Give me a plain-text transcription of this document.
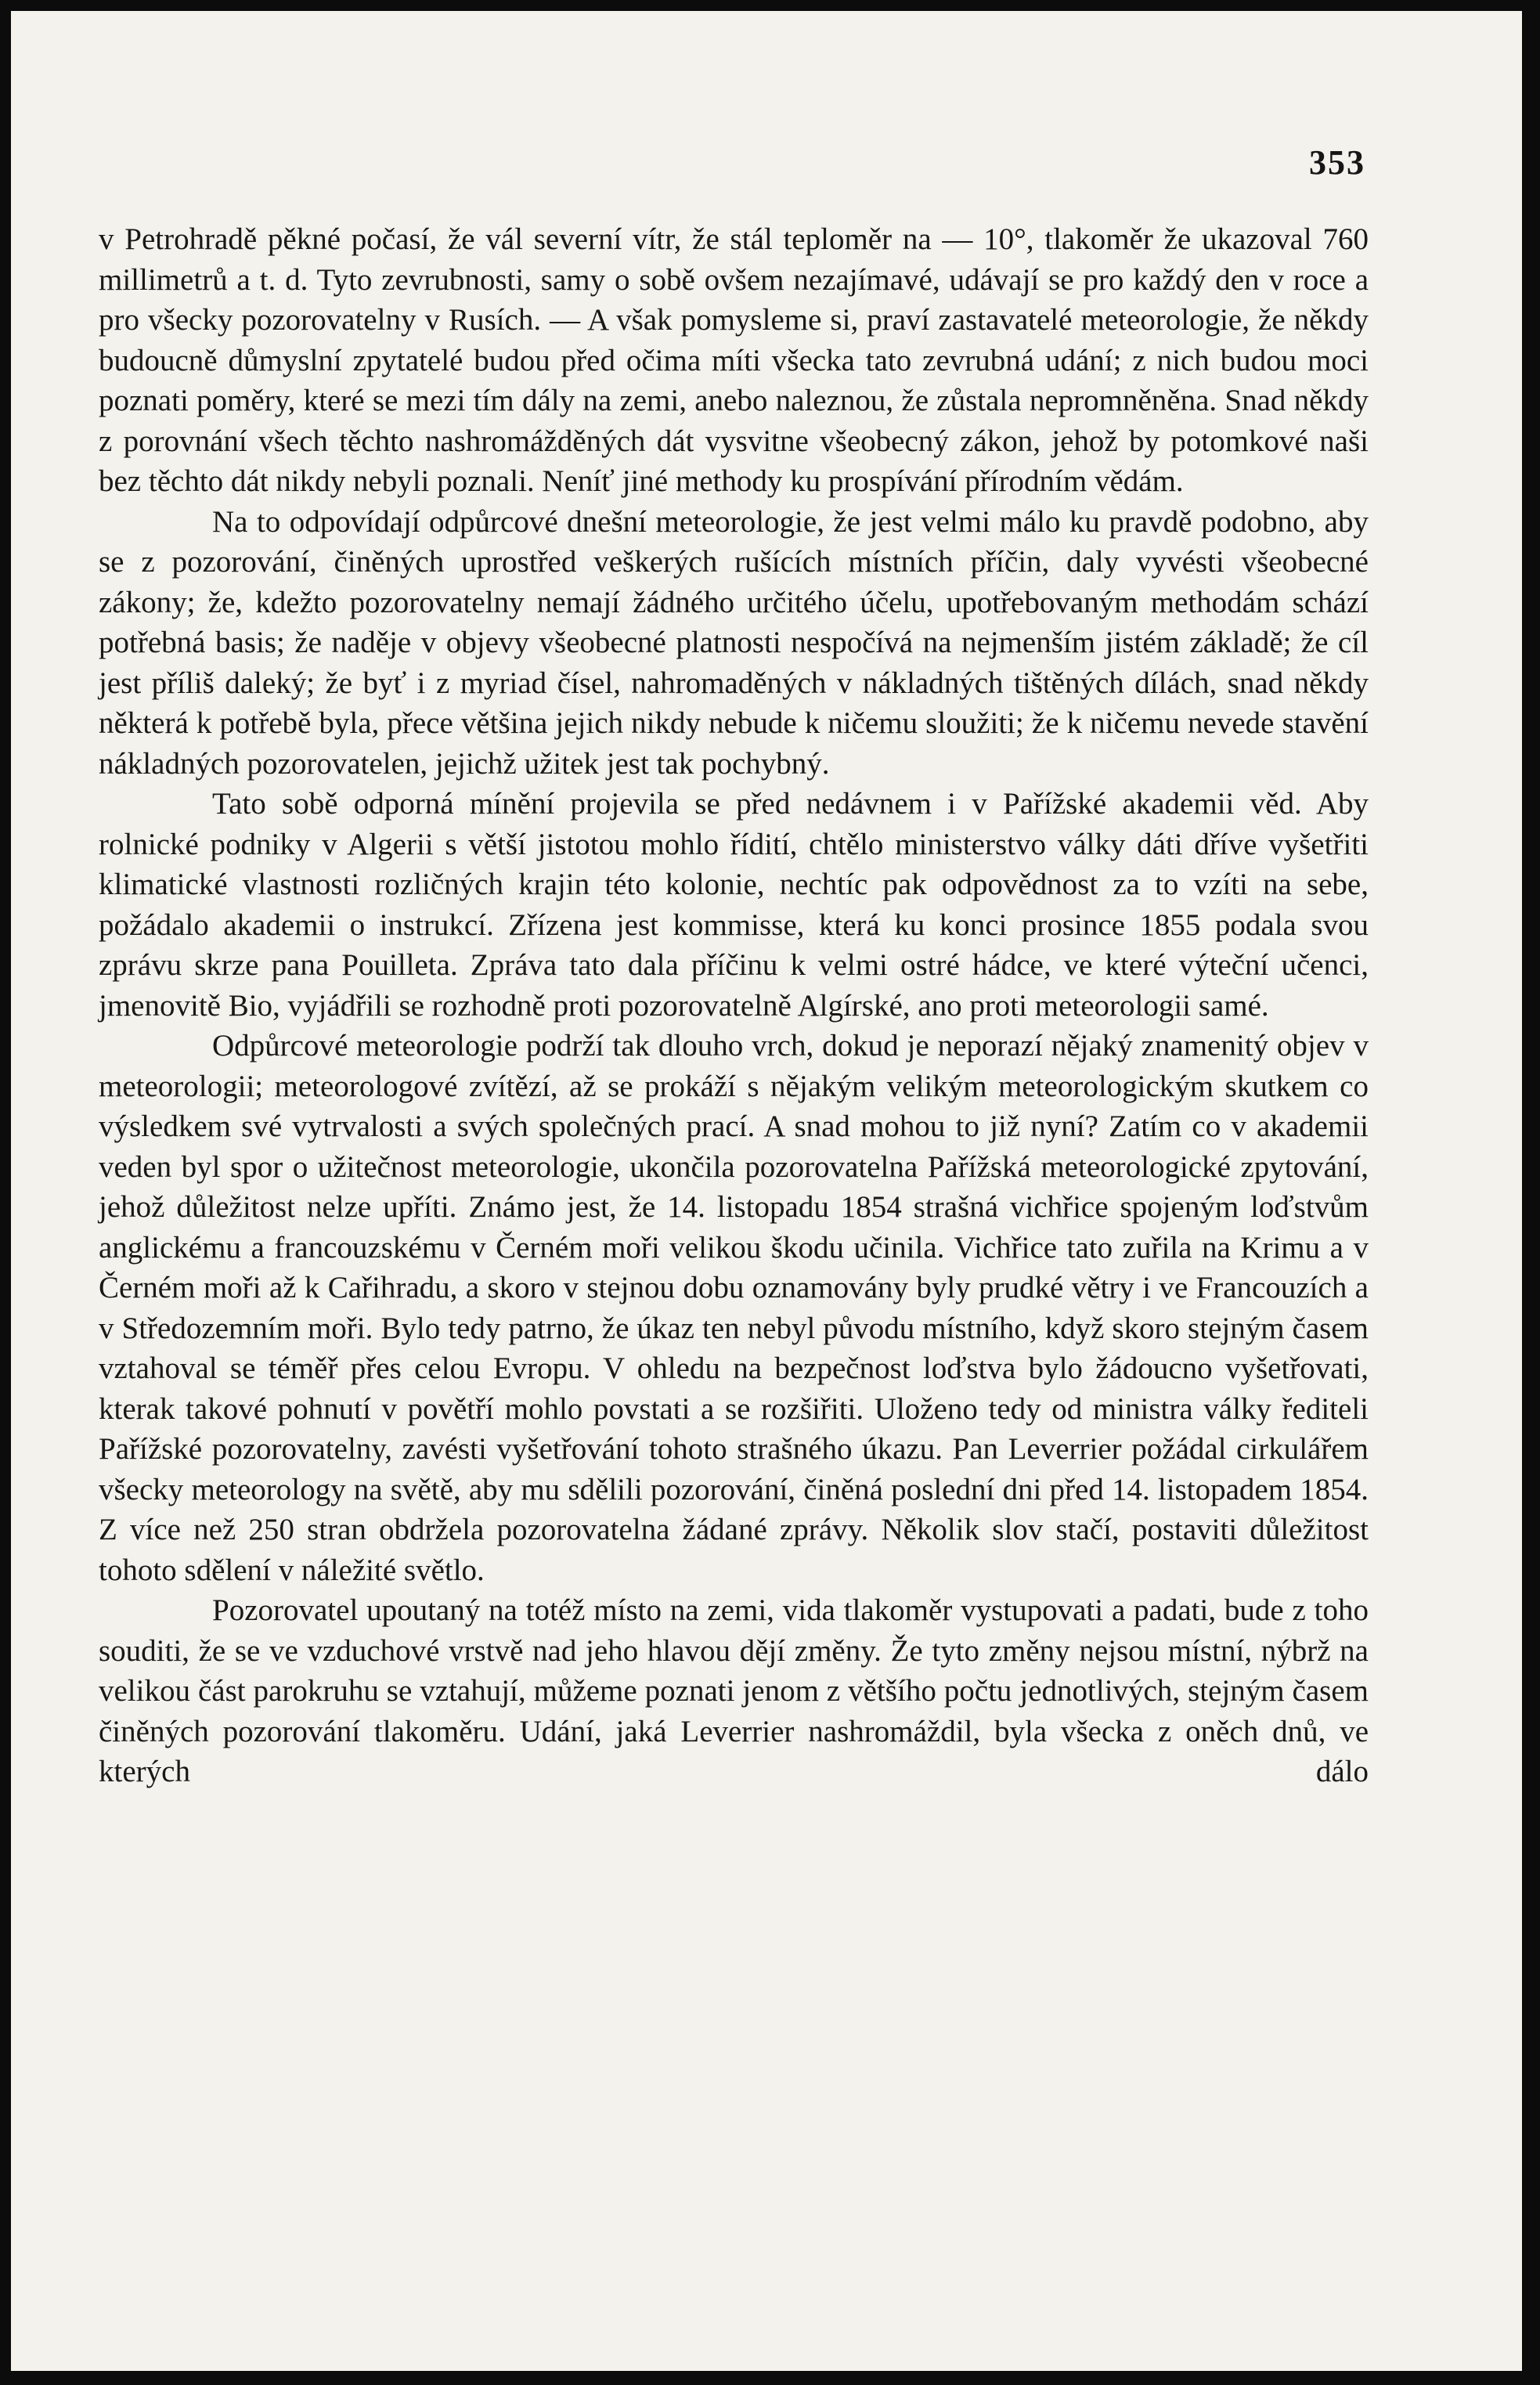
353

v Petrohradě pěkné počasí, že vál severní vítr, že stál teploměr na — 10°, tlakoměr že ukazoval 760 millimetrů a t. d. Tyto zevrubnosti, samy o sobě ovšem nezajímavé, udávají se pro každý den v roce a pro všecky pozorovatelny v Rusích. — A však pomysleme si, praví zastavatelé meteorologie, že někdy budoucně důmyslní zpytatelé budou před očima míti všecka tato zevrubná udání; z nich budou moci poznati poměry, které se mezi tím dály na zemi, anebo naleznou, že zůstala nepromněněna. Snad někdy z porovnání všech těchto nashromážděných dát vysvitne všeobecný zákon, jehož by potomkové naši bez těchto dát nikdy nebyli poznali. Neníť jiné methody ku prospívání přírodním vědám.

Na to odpovídají odpůrcové dnešní meteorologie, že jest velmi málo ku pravdě podobno, aby se z pozorování, činěných uprostřed veškerých rušících místních příčin, daly vyvésti všeobecné zákony; že, kdežto pozorovatelny nemají žádného určitého účelu, upotřebovaným methodám schází potřebná basis; že naděje v objevy všeobecné platnosti nespočívá na nejmenším jistém základě; že cíl jest příliš daleký; že byť i z myriad čísel, nahromaděných v nákladných tištěných dílách, snad někdy některá k potřebě byla, přece většina jejich nikdy nebude k ničemu sloužiti; že k ničemu nevede stavění nákladných pozorovatelen, jejichž užitek jest tak pochybný.

Tato sobě odporná mínění projevila se před nedávnem i v Pařížské akademii věd. Aby rolnické podniky v Algerii s větší jistotou mohlo řídití, chtělo ministerstvo války dáti dříve vyšetřiti klimatické vlastnosti rozličných krajin této kolonie, nechtíc pak odpovědnost za to vzíti na sebe, požádalo akademii o instrukcí. Zřízena jest kommisse, která ku konci prosince 1855 podala svou zprávu skrze pana Pouilleta. Zpráva tato dala příčinu k velmi ostré hádce, ve které výteční učenci, jmenovitě Bio, vyjádřili se rozhodně proti pozorovatelně Algírské, ano proti meteorologii samé.

Odpůrcové meteorologie podrží tak dlouho vrch, dokud je neporazí nějaký znamenitý objev v meteorologii; meteorologové zvítězí, až se prokáží s nějakým velikým meteorologickým skutkem co výsledkem své vytrvalosti a svých společných prací. A snad mohou to již nyní? Zatím co v akademii veden byl spor o užitečnost meteorologie, ukončila pozorovatelna Pařížská meteorologické zpytování, jehož důležitost nelze upříti. Známo jest, že 14. listopadu 1854 strašná vichřice spojeným loďstvům anglickému a francouzskému v Černém moři velikou škodu učinila. Vichřice tato zuřila na Krimu a v Černém moři až k Cařihradu, a skoro v stejnou dobu oznamovány byly prudké větry i ve Francouzích a v Středozemním moři. Bylo tedy patrno, že úkaz ten nebyl původu místního, když skoro stejným časem vztahoval se téměř přes celou Evropu. V ohledu na bezpečnost loďstva bylo žádoucno vyšetřovati, kterak takové pohnutí v povětří mohlo povstati a se rozšiřiti. Uloženo tedy od ministra války řediteli Pařížské pozorovatelny, zavésti vyšetřování tohoto strašného úkazu. Pan Leverrier požádal cirkulářem všecky meteorology na světě, aby mu sdělili pozorování, činěná poslední dni před 14. listopadem 1854. Z více než 250 stran obdržela pozorovatelna žádané zprávy. Několik slov stačí, postaviti důležitost tohoto sdělení v náležité světlo.

Pozorovatel upoutaný na totéž místo na zemi, vida tlakoměr vystupovati a padati, bude z toho souditi, že se ve vzduchové vrstvě nad jeho hlavou dějí změny. Že tyto změny nejsou místní, nýbrž na velikou část parokruhu se vztahují, můžeme poznati jenom z většího počtu jednotlivých, stejným časem činěných pozorování tlakoměru. Udání, jaká Leverrier nashromáždil, byla všecka z oněch dnů, ve kterých dálo
